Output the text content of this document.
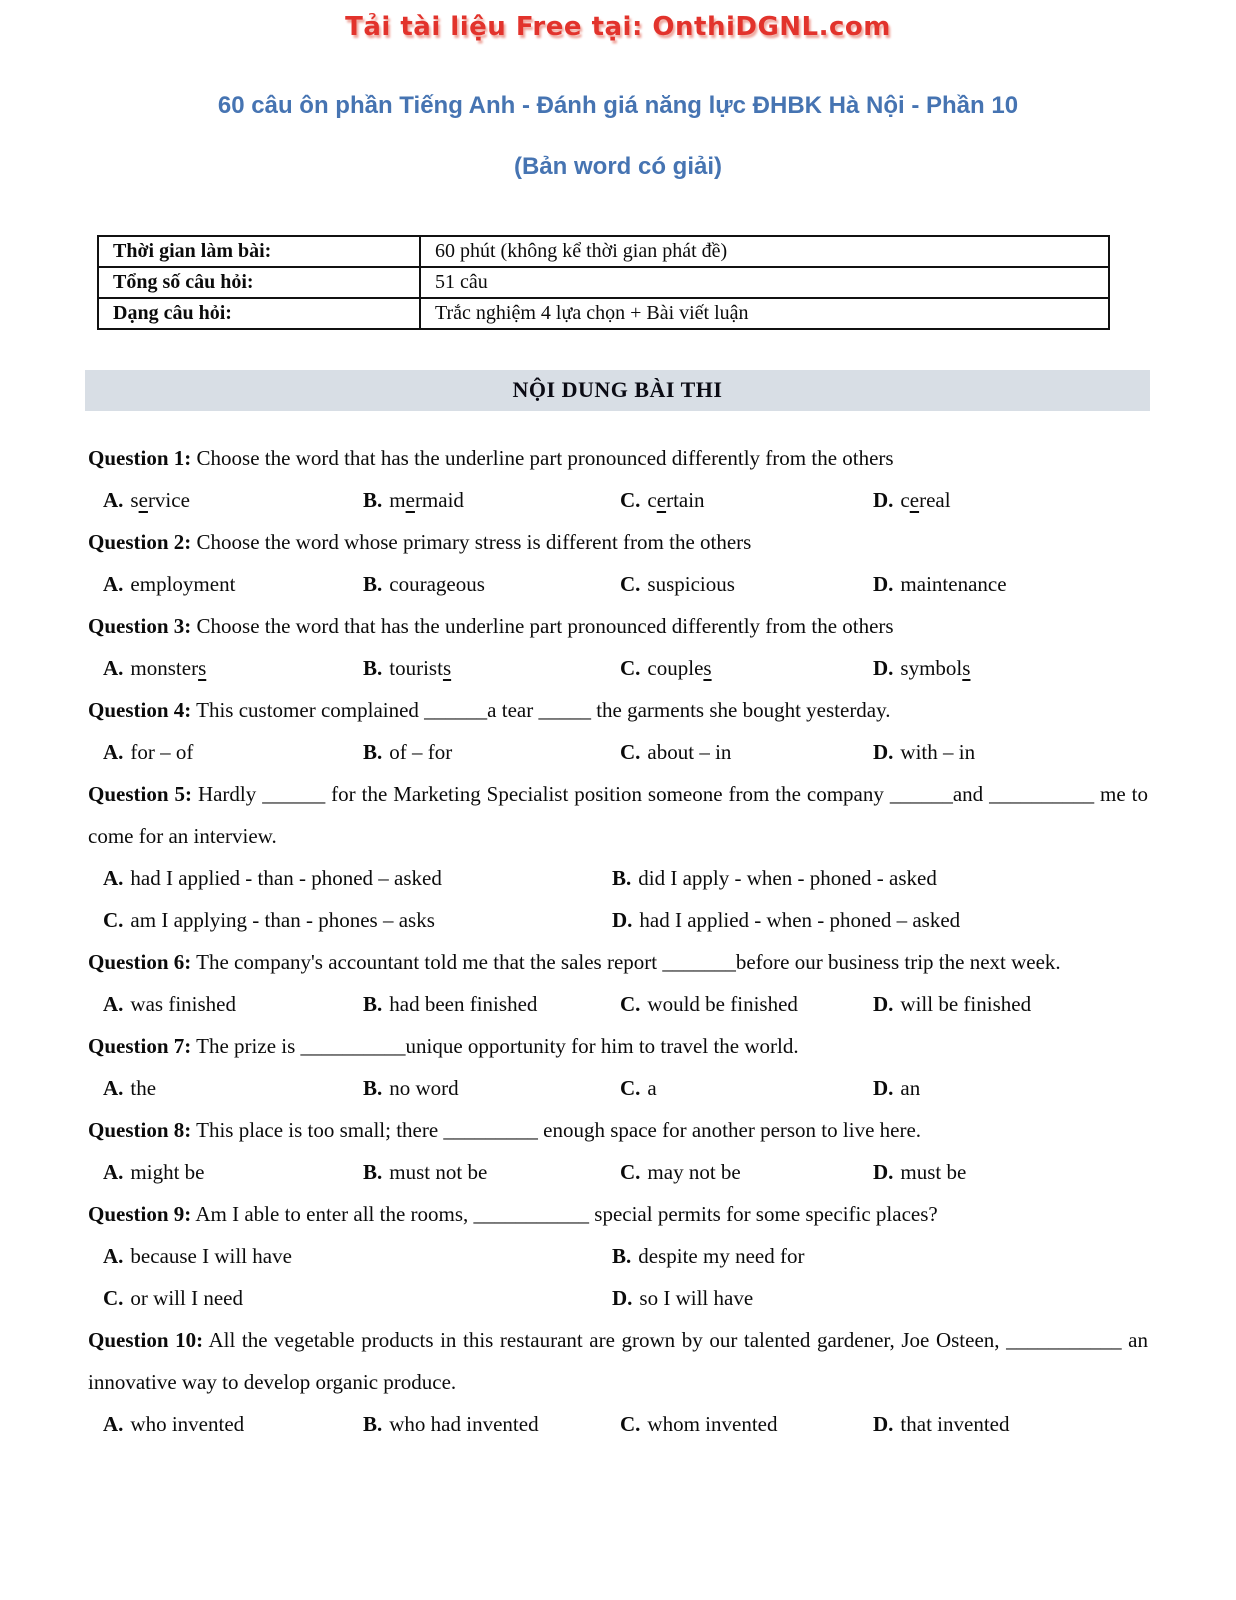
Tải tài liệu Free tại: OnthiDGNL.com
60 câu ôn phần Tiếng Anh - Đánh giá năng lực ĐHBK Hà Nội - Phần 10
(Bản word có giải)
Thời gian làm bài:	60 phút (không kể thời gian phát đề)
Tổng số câu hỏi:	51 câu
Dạng câu hỏi:	Trắc nghiệm 4 lựa chọn + Bài viết luận
NỘI DUNG BÀI THI
Question 1: Choose the word that has the underline part pronounced differently from the others
A. service	B. mermaid	C. certain	D. cereal
Question 2: Choose the word whose primary stress is different from the others
A. employment	B. courageous	C. suspicious	D. maintenance
Question 3: Choose the word that has the underline part pronounced differently from the others
A. monsters	B. tourists	C. couples	D. symbols
Question 4: This customer complained ______a tear _____ the garments she bought yesterday.
A. for – of	B. of – for	C. about – in	D. with – in
Question 5: Hardly ______ for the Marketing Specialist position someone from the company ______and __________ me to come for an interview.
A. had I applied - than - phoned – asked	B. did I apply - when - phoned - asked
C. am I applying - than - phones – asks	D. had I applied - when - phoned – asked
Question 6: The company's accountant told me that the sales report _______before our business trip the next week.
A. was finished	B. had been finished	C. would be finished	D. will be finished
Question 7: The prize is __________unique opportunity for him to travel the world.
A. the	B. no word	C. a	D. an
Question 8: This place is too small; there _________ enough space for another person to live here.
A. might be	B. must not be	C. may not be	D. must be
Question 9: Am I able to enter all the rooms, ___________ special permits for some specific places?
A. because I will have	B. despite my need for
C. or will I need	D. so I will have
Question 10: All the vegetable products in this restaurant are grown by our talented gardener, Joe Osteen, ___________ an innovative way to develop organic produce.
A. who invented	B. who had invented	C. whom invented	D. that invented
